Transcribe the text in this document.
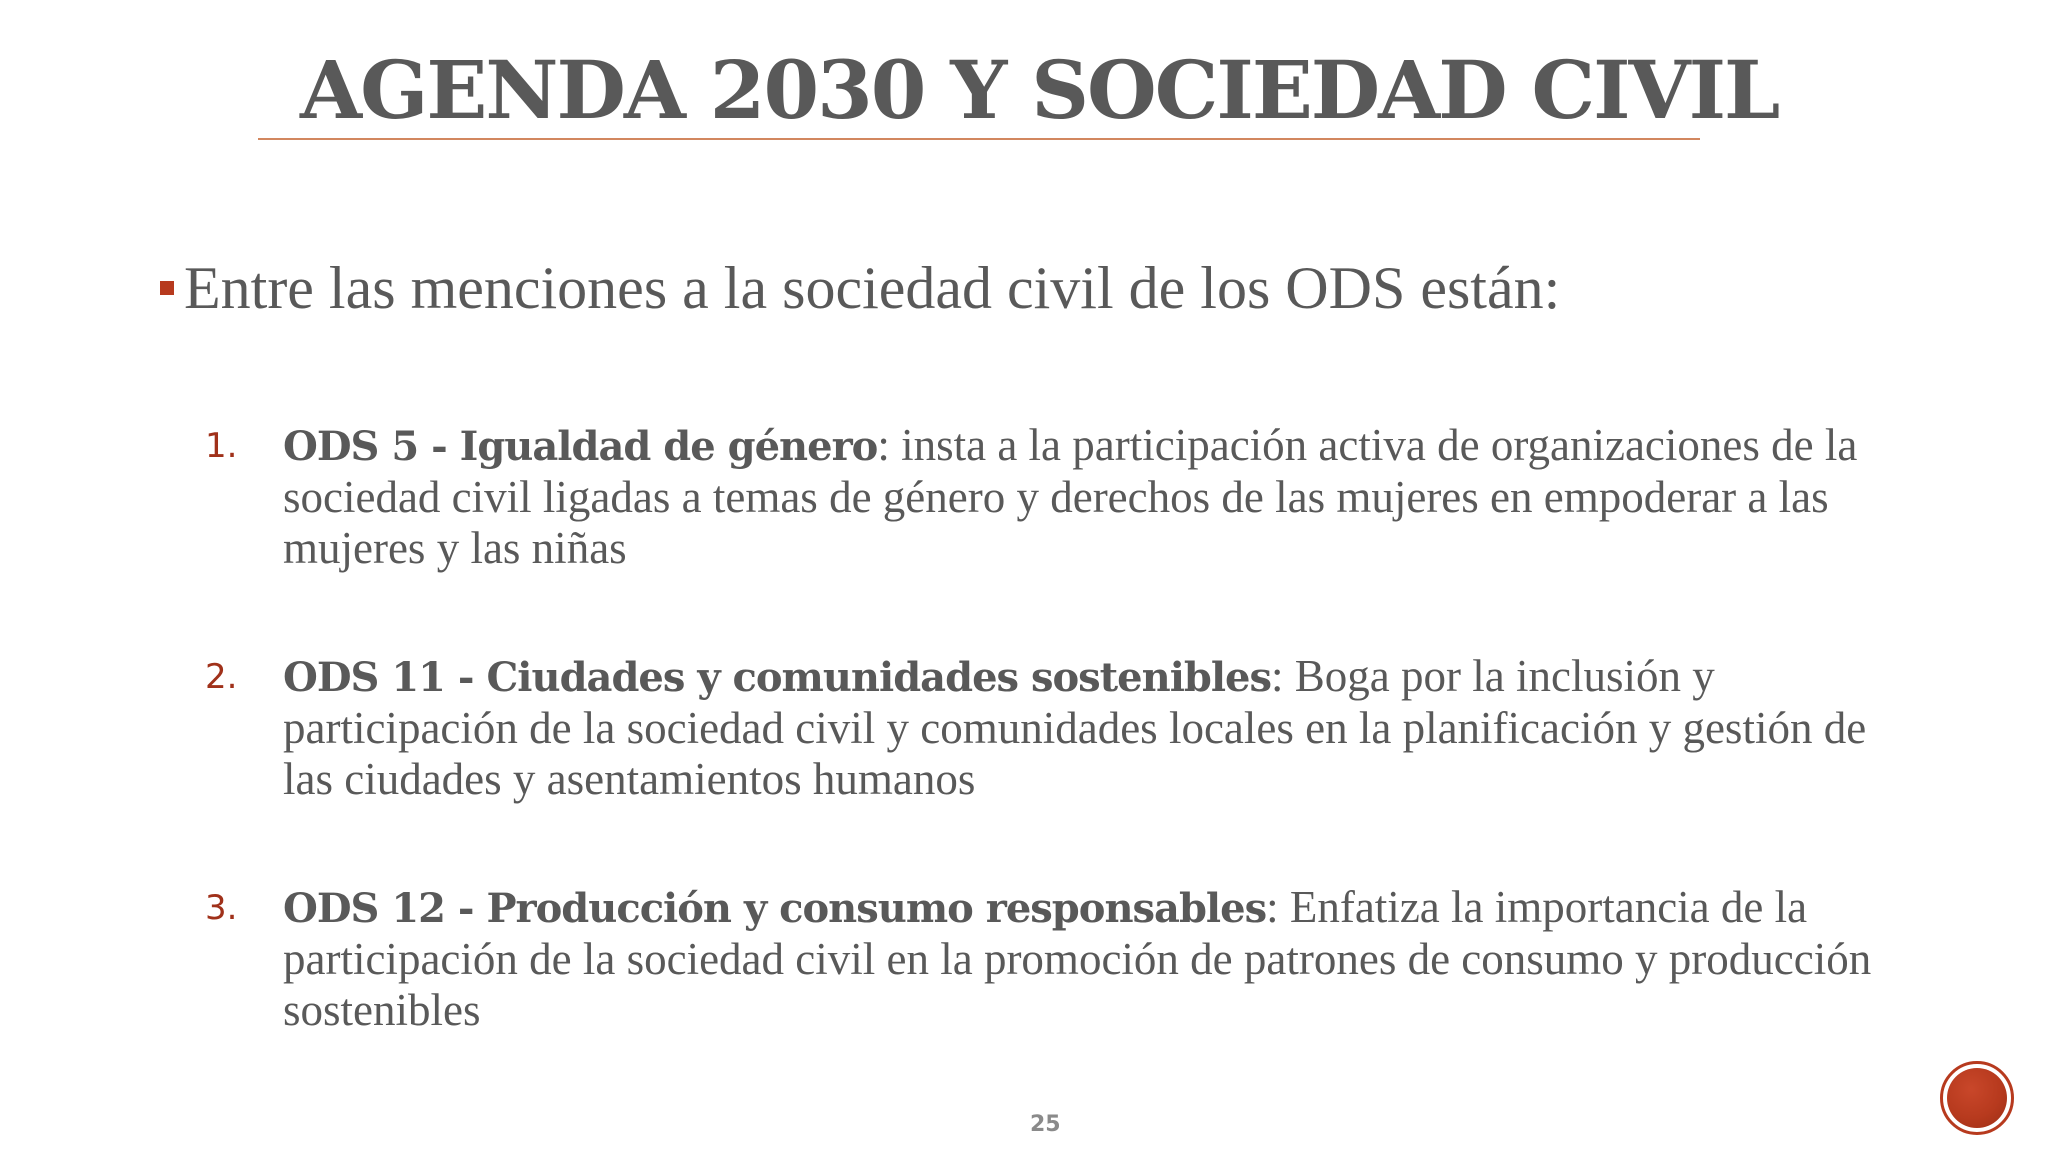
AGENDA 2030 Y SOCIEDAD CIVIL

Entre las menciones a la sociedad civil de los ODS están:

1. ODS 5 - Igualdad de género: insta a la participación activa de organizaciones de la sociedad civil ligadas a temas de género y derechos de las mujeres en empoderar a las mujeres y las niñas

2. ODS 11 - Ciudades y comunidades sostenibles: Boga por la inclusión y participación de la sociedad civil y comunidades locales en la planificación y gestión de las ciudades y asentamientos humanos

3. ODS 12 - Producción y consumo responsables: Enfatiza la importancia de la participación de la sociedad civil en la promoción de patrones de consumo y producción sostenibles

25
